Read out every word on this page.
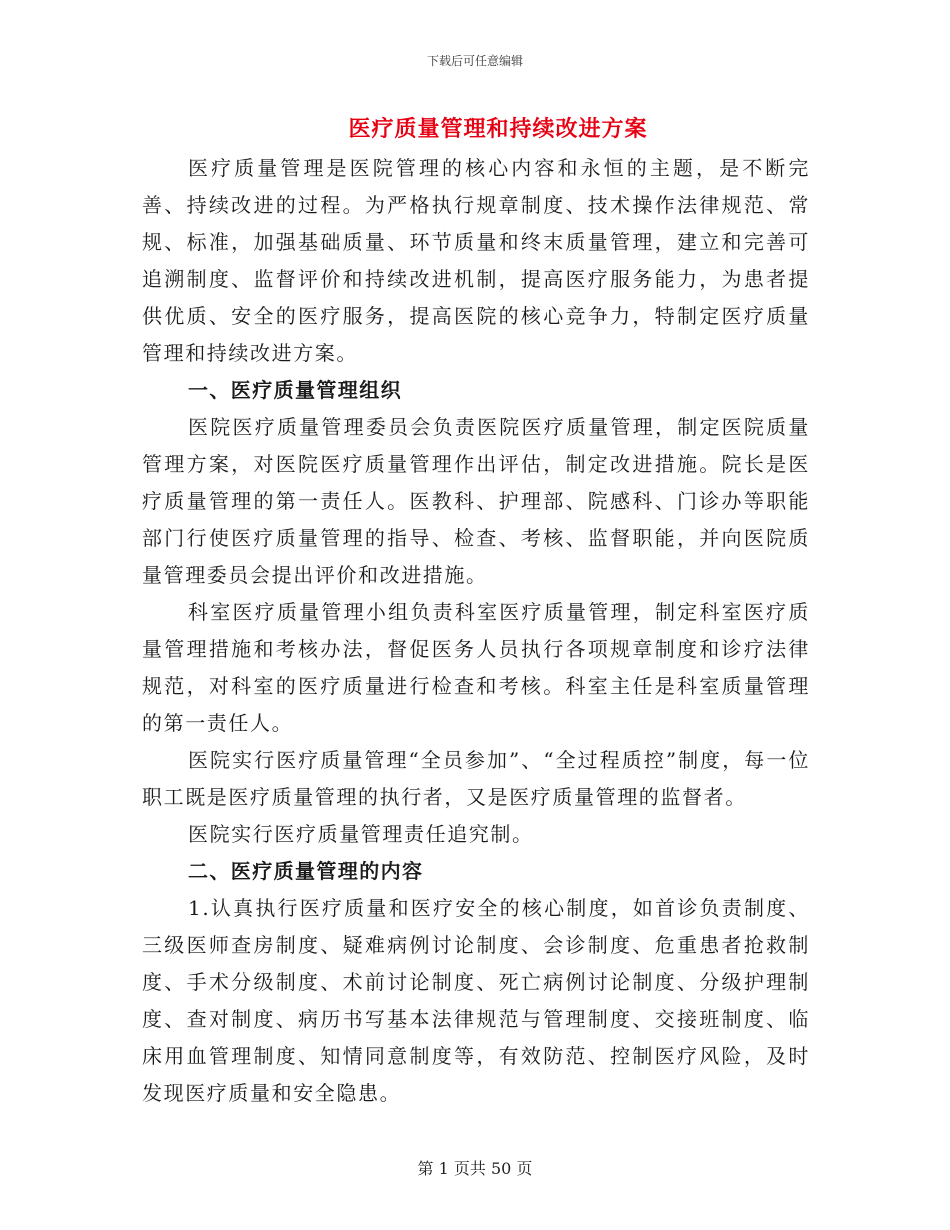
下载后可任意编辑
医疗质量管理和持续改进方案

医疗质量管理是医院管理的核心内容和永恒的主题，是不断完善、持续改进的过程。为严格执行规章制度、技术操作法律规范、常规、标准，加强基础质量、环节质量和终末质量管理，建立和完善可追溯制度、监督评价和持续改进机制，提高医疗服务能力，为患者提供优质、安全的医疗服务，提高医院的核心竞争力，特制定医疗质量管理和持续改进方案。

一、医疗质量管理组织

医院医疗质量管理委员会负责医院医疗质量管理，制定医院质量管理方案，对医院医疗质量管理作出评估，制定改进措施。院长是医疗质量管理的第一责任人。医教科、护理部、院感科、门诊办等职能部门行使医疗质量管理的指导、检查、考核、监督职能，并向医院质量管理委员会提出评价和改进措施。

科室医疗质量管理小组负责科室医疗质量管理，制定科室医疗质量管理措施和考核办法，督促医务人员执行各项规章制度和诊疗法律规范，对科室的医疗质量进行检查和考核。科室主任是科室质量管理的第一责任人。

医院实行医疗质量管理“全员参加”、“全过程质控”制度，每一位职工既是医疗质量管理的执行者，又是医疗质量管理的监督者。

医院实行医疗质量管理责任追究制。

二、医疗质量管理的内容

1.认真执行医疗质量和医疗安全的核心制度，如首诊负责制度、三级医师查房制度、疑难病例讨论制度、会诊制度、危重患者抢救制度、手术分级制度、术前讨论制度、死亡病例讨论制度、分级护理制度、查对制度、病历书写基本法律规范与管理制度、交接班制度、临床用血管理制度、知情同意制度等，有效防范、控制医疗风险，及时发现医疗质量和安全隐患。

第 1 页共 50 页
